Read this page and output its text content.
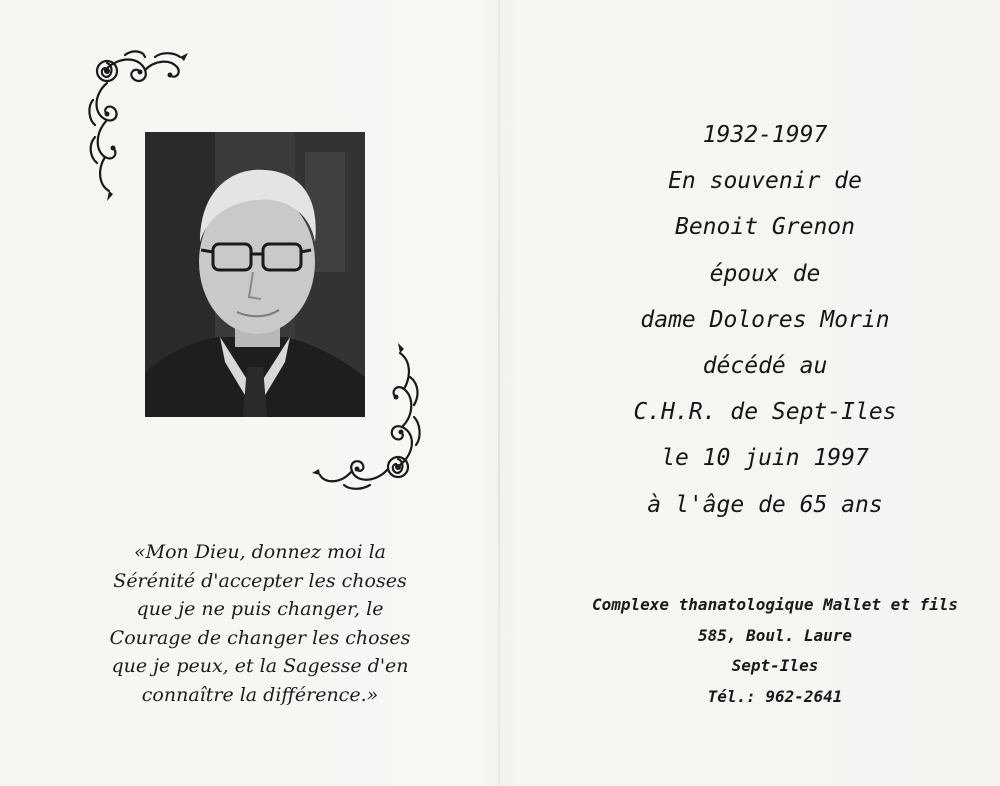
«Mon Dieu, donnez moi la
Sérénité d'accepter les choses
que je ne puis changer, le
Courage de changer les choses
que je peux, et la Sagesse d'en
connaître la différence.»
1932-1997
En souvenir de
Benoit Grenon
époux de
dame Dolores Morin
décédé au
C.H.R. de Sept-Iles
le 10 juin 1997
à l'âge de 65 ans
Complexe thanatologique Mallet et fils
585, Boul. Laure
Sept-Iles
Tél.: 962-2641
